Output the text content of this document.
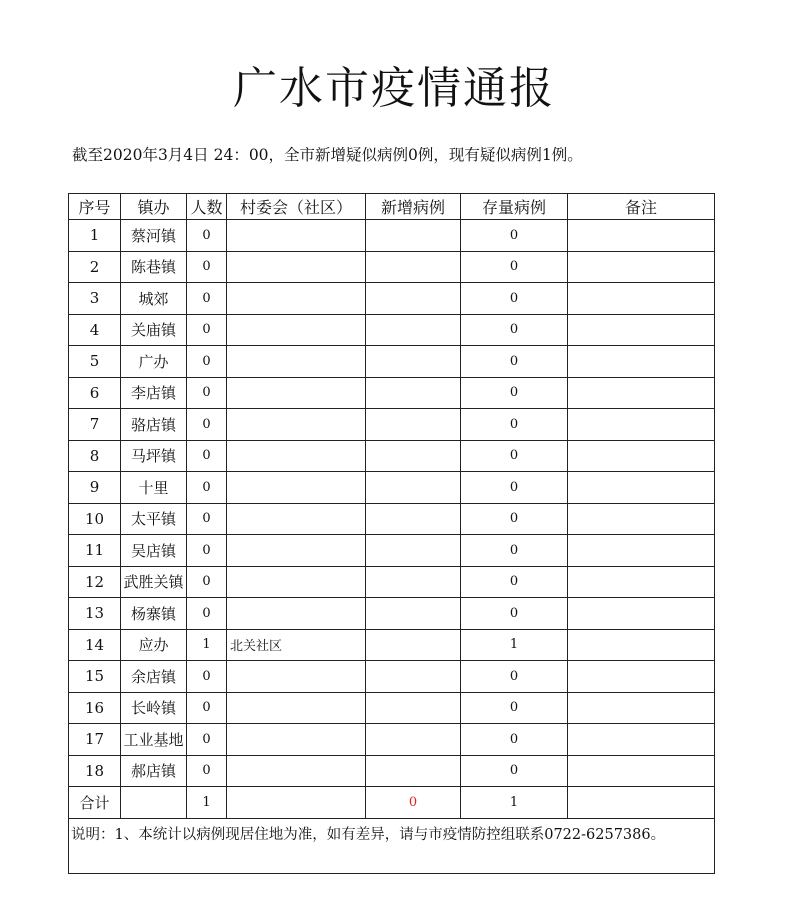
广水市疫情通报
截至2020年3月4日 24：00，全市新增疑似病例0例，现有疑似病例1例。
序号	镇办	人数	村委会（社区）	新增病例	存量病例	备注
1	蔡河镇	0			0	
2	陈巷镇	0			0	
3	城郊	0			0	
4	关庙镇	0			0	
5	广办	0			0	
6	李店镇	0			0	
7	骆店镇	0			0	
8	马坪镇	0			0	
9	十里	0			0	
10	太平镇	0			0	
11	吴店镇	0			0	
12	武胜关镇	0			0	
13	杨寨镇	0			0	
14	应办	1	北关社区		1	
15	余店镇	0			0	
16	长岭镇	0			0	
17	工业基地	0			0	
18	郝店镇	0			0	
合计		1		0	1	
说明：1、本统计以病例现居住地为准，如有差异，请与市疫情防控组联系0722-6257386。						
